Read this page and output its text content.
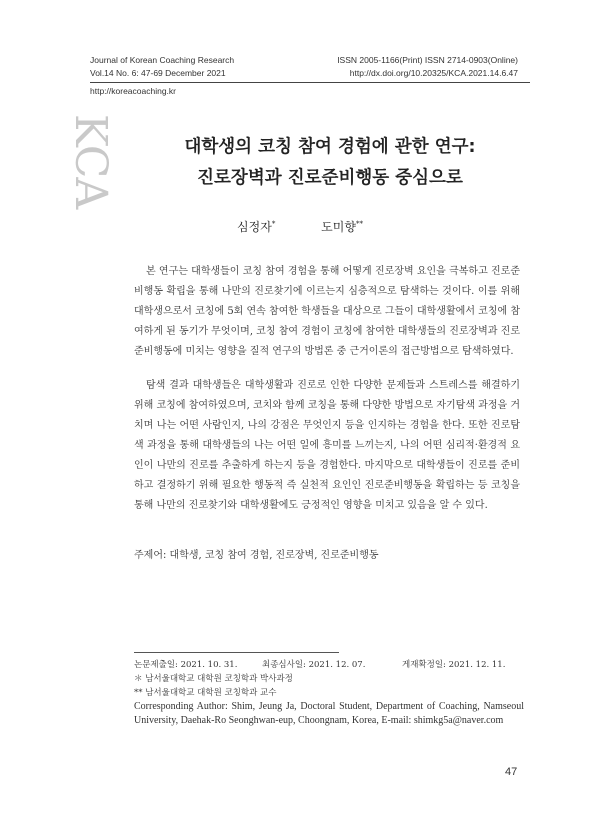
Journal of Korean Coaching Research
Vol.14 No. 6: 47-69 December 2021
ISSN 2005-1166(Print) ISSN 2714-0903(Online)
http://dx.doi.org/10.20325/KCA.2021.14.6.47
http://koreacoaching.kr
KCA	대학생의 코칭 참여 경험에 관한 연구:
진로장벽과 진로준비행동 중심으로
심정자*	도미향**

본 연구는 대학생들이 코칭 참여 경험을 통해 어떻게 진로장벽 요인을 극복하고 진로준비행동 확립을 통해 나만의 진로찾기에 이르는지 심층적으로 탐색하는 것이다. 이를 위해 대학생으로서 코칭에 5회 연속 참여한 학생들을 대상으로 그들이 대학생활에서 코칭에 참여하게 된 동기가 무엇이며, 코칭 참여 경험이 코칭에 참여한 대학생들의 진로장벽과 진로준비행동에 미치는 영향을 질적 연구의 방법론 중 근거이론의 접근방법으로 탐색하였다.

탐색 결과 대학생들은 대학생활과 진로로 인한 다양한 문제들과 스트레스를 해결하기 위해 코칭에 참여하였으며, 코치와 함께 코칭을 통해 다양한 방법으로 자기탐색 과정을 거치며 나는 어떤 사람인지, 나의 강점은 무엇인지 등을 인지하는 경험을 한다. 또한 진로탐색 과정을 통해 대학생들의 나는 어떤 일에 흥미를 느끼는지, 나의 어떤 심리적·환경적 요인이 나만의 진로를 추출하게 하는지 등을 경험한다. 마지막으로 대학생들이 진로를 준비하고 결정하기 위해 필요한 행동적 즉 실천적 요인인 진로준비행동을 확립하는 등 코칭을 통해 나만의 진로찾기와 대학생활에도 긍정적인 영향을 미치고 있음을 알 수 있다.

주제어: 대학생, 코칭 참여 경험, 진로장벽, 진로준비행동
논문제출일: 2021. 10. 31.	최종심사일: 2021. 12. 07.	게재확정일: 2021. 12. 11.
＊ 남서울대학교 대학원 코칭학과 박사과정
** 남서울대학교 대학원 코칭학과 교수
Corresponding Author: Shim, Jeung Ja, Doctoral Student, Department of Coaching, Namseoul University, Daehak-Ro Seonghwan-eup, Choongnam, Korea, E-mail: shimkg5a@naver.com
47
